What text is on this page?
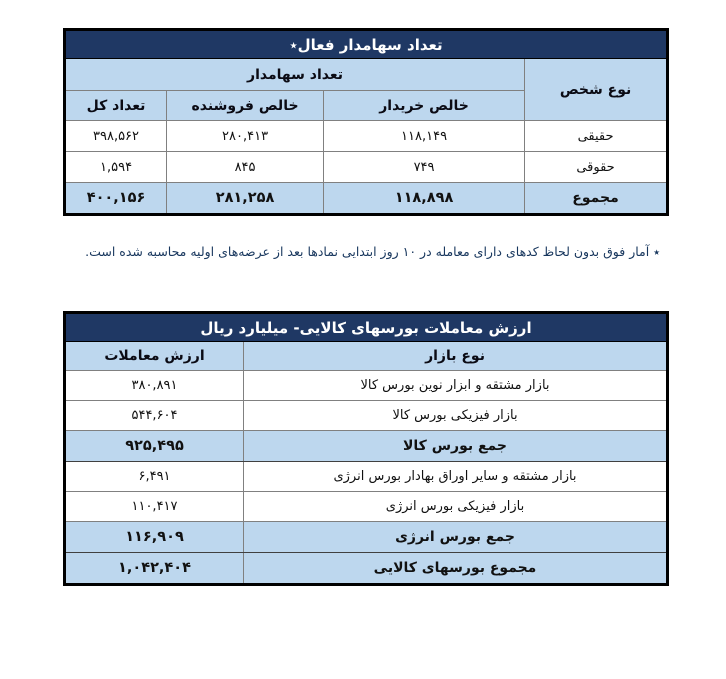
تعداد سهامدار فعال٭			
نوع شخص	تعداد سهامدار		
	خالص خریدار	خالص فروشنده	تعداد کل
حقیقی	۱۱۸,۱۴۹	۲۸۰,۴۱۳	۳۹۸,۵۶۲
حقوقی	۷۴۹	۸۴۵	۱,۵۹۴
مجموع	۱۱۸,۸۹۸	۲۸۱,۲۵۸	۴۰۰,۱۵۶
٭ آمار فوق بدون لحاظ کدهای دارای معامله در ۱۰ روز ابتدایی نمادها بعد از عرضه‌های اولیه محاسبه شده است.
ارزش معاملات بورسهای کالایی- میلیارد ریال	
نوع بازار	ارزش معاملات
بازار مشتقه و ابزار نوین بورس کالا	۳۸۰,۸۹۱
بازار فیزیکی بورس کالا	۵۴۴,۶۰۴
جمع بورس کالا	۹۲۵,۴۹۵
بازار مشتقه و سایر اوراق بهادار بورس انرژی	۶,۴۹۱
بازار فیزیکی بورس انرژی	۱۱۰,۴۱۷
جمع بورس انرژی	۱۱۶,۹۰۹
مجموع بورسهای کالایی	۱,۰۴۲,۴۰۴
